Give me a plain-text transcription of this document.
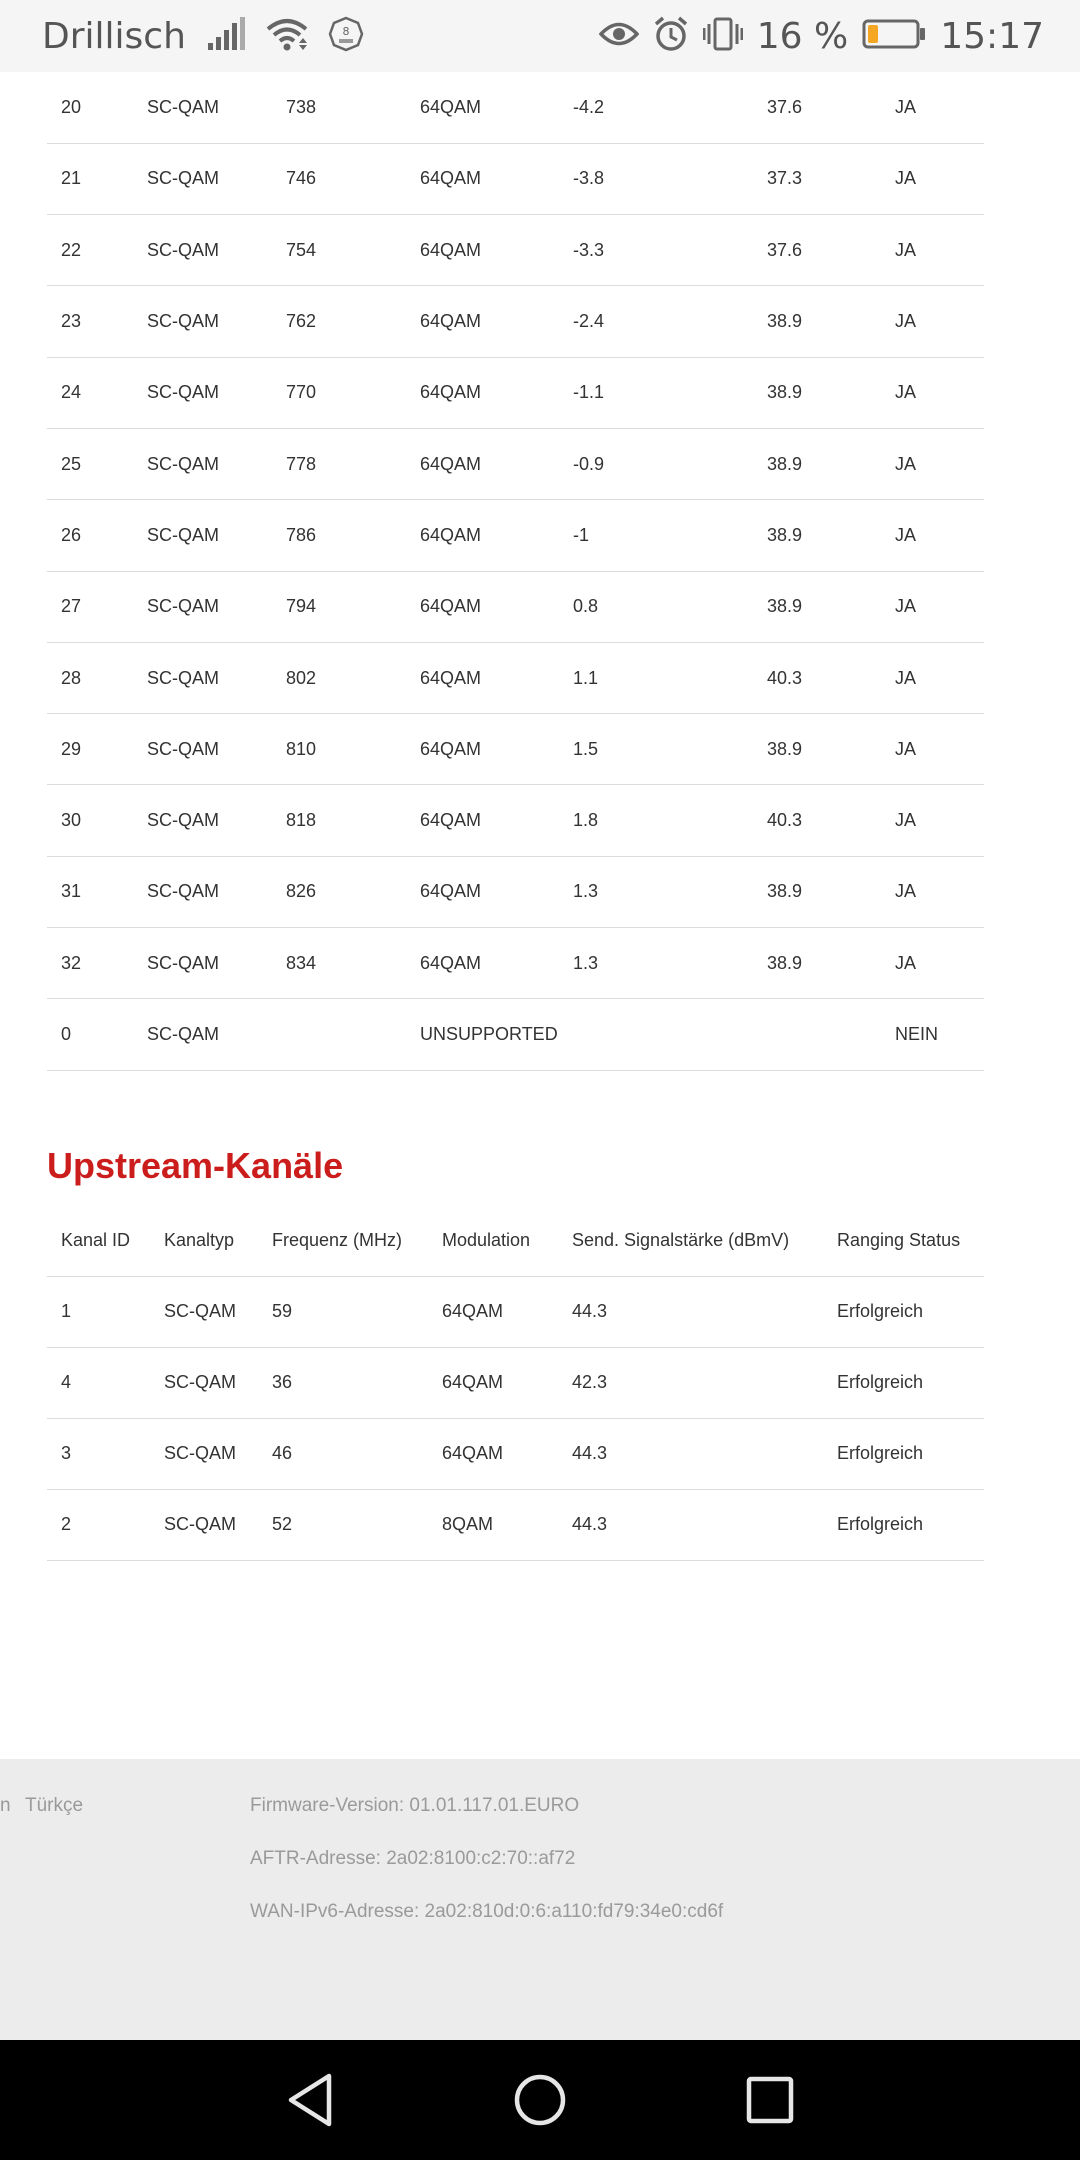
Drillisch	8	16 %	15:17
20	SC-QAM	738	64QAM	-4.2	37.6	JA
21	SC-QAM	746	64QAM	-3.8	37.3	JA
22	SC-QAM	754	64QAM	-3.3	37.6	JA
23	SC-QAM	762	64QAM	-2.4	38.9	JA
24	SC-QAM	770	64QAM	-1.1	38.9	JA
25	SC-QAM	778	64QAM	-0.9	38.9	JA
26	SC-QAM	786	64QAM	-1	38.9	JA
27	SC-QAM	794	64QAM	0.8	38.9	JA
28	SC-QAM	802	64QAM	1.1	40.3	JA
29	SC-QAM	810	64QAM	1.5	38.9	JA
30	SC-QAM	818	64QAM	1.8	40.3	JA
31	SC-QAM	826	64QAM	1.3	38.9	JA
32	SC-QAM	834	64QAM	1.3	38.9	JA
0	SC-QAM		UNSUPPORTED			NEIN
Upstream-Kanäle
Kanal ID	Kanaltyp	Frequenz (MHz)	Modulation	Send. Signalstärke (dBmV)	Ranging Status
1	SC-QAM	59	64QAM	44.3	Erfolgreich
4	SC-QAM	36	64QAM	42.3	Erfolgreich
3	SC-QAM	46	64QAM	44.3	Erfolgreich
2	SC-QAM	52	8QAM	44.3	Erfolgreich
n Türkçe	Firmware-Version: 01.01.117.01.EURO
AFTR-Adresse: 2a02:8100:c2:70::af72
WAN-IPv6-Adresse: 2a02:810d:0:6:a110:fd79:34e0:cd6f
